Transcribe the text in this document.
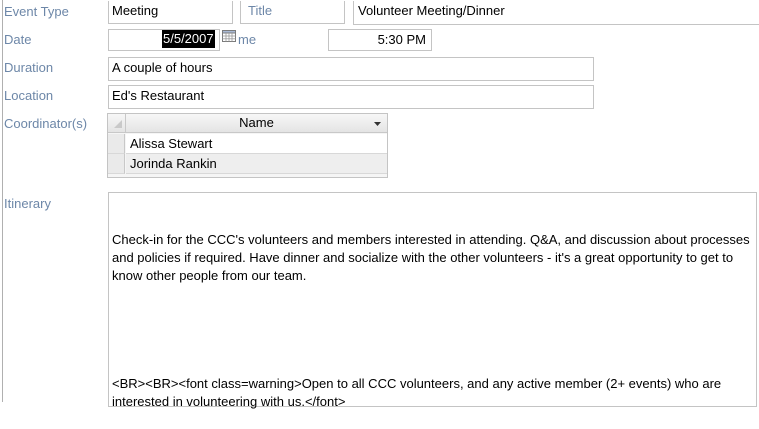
Event Type	Meeting	Title	Volunteer Meeting/Dinner
Date	5/5/2007 me	5:30 PM
Duration	A couple of hours
Location	Ed's Restaurant
Coordinator(s)	Name
Alissa Stewart
Jorinda Rankin
Itinerary

Check-in for the CCC's volunteers and members interested in attending. Q&A, and discussion about processes and policies if required. Have dinner and socialize with the other volunteers - it's a great opportunity to get to know other people from our team.

<BR><BR><font class=warning>Open to all CCC volunteers, and any active member (2+ events) who are interested in volunteering with us.</font>
